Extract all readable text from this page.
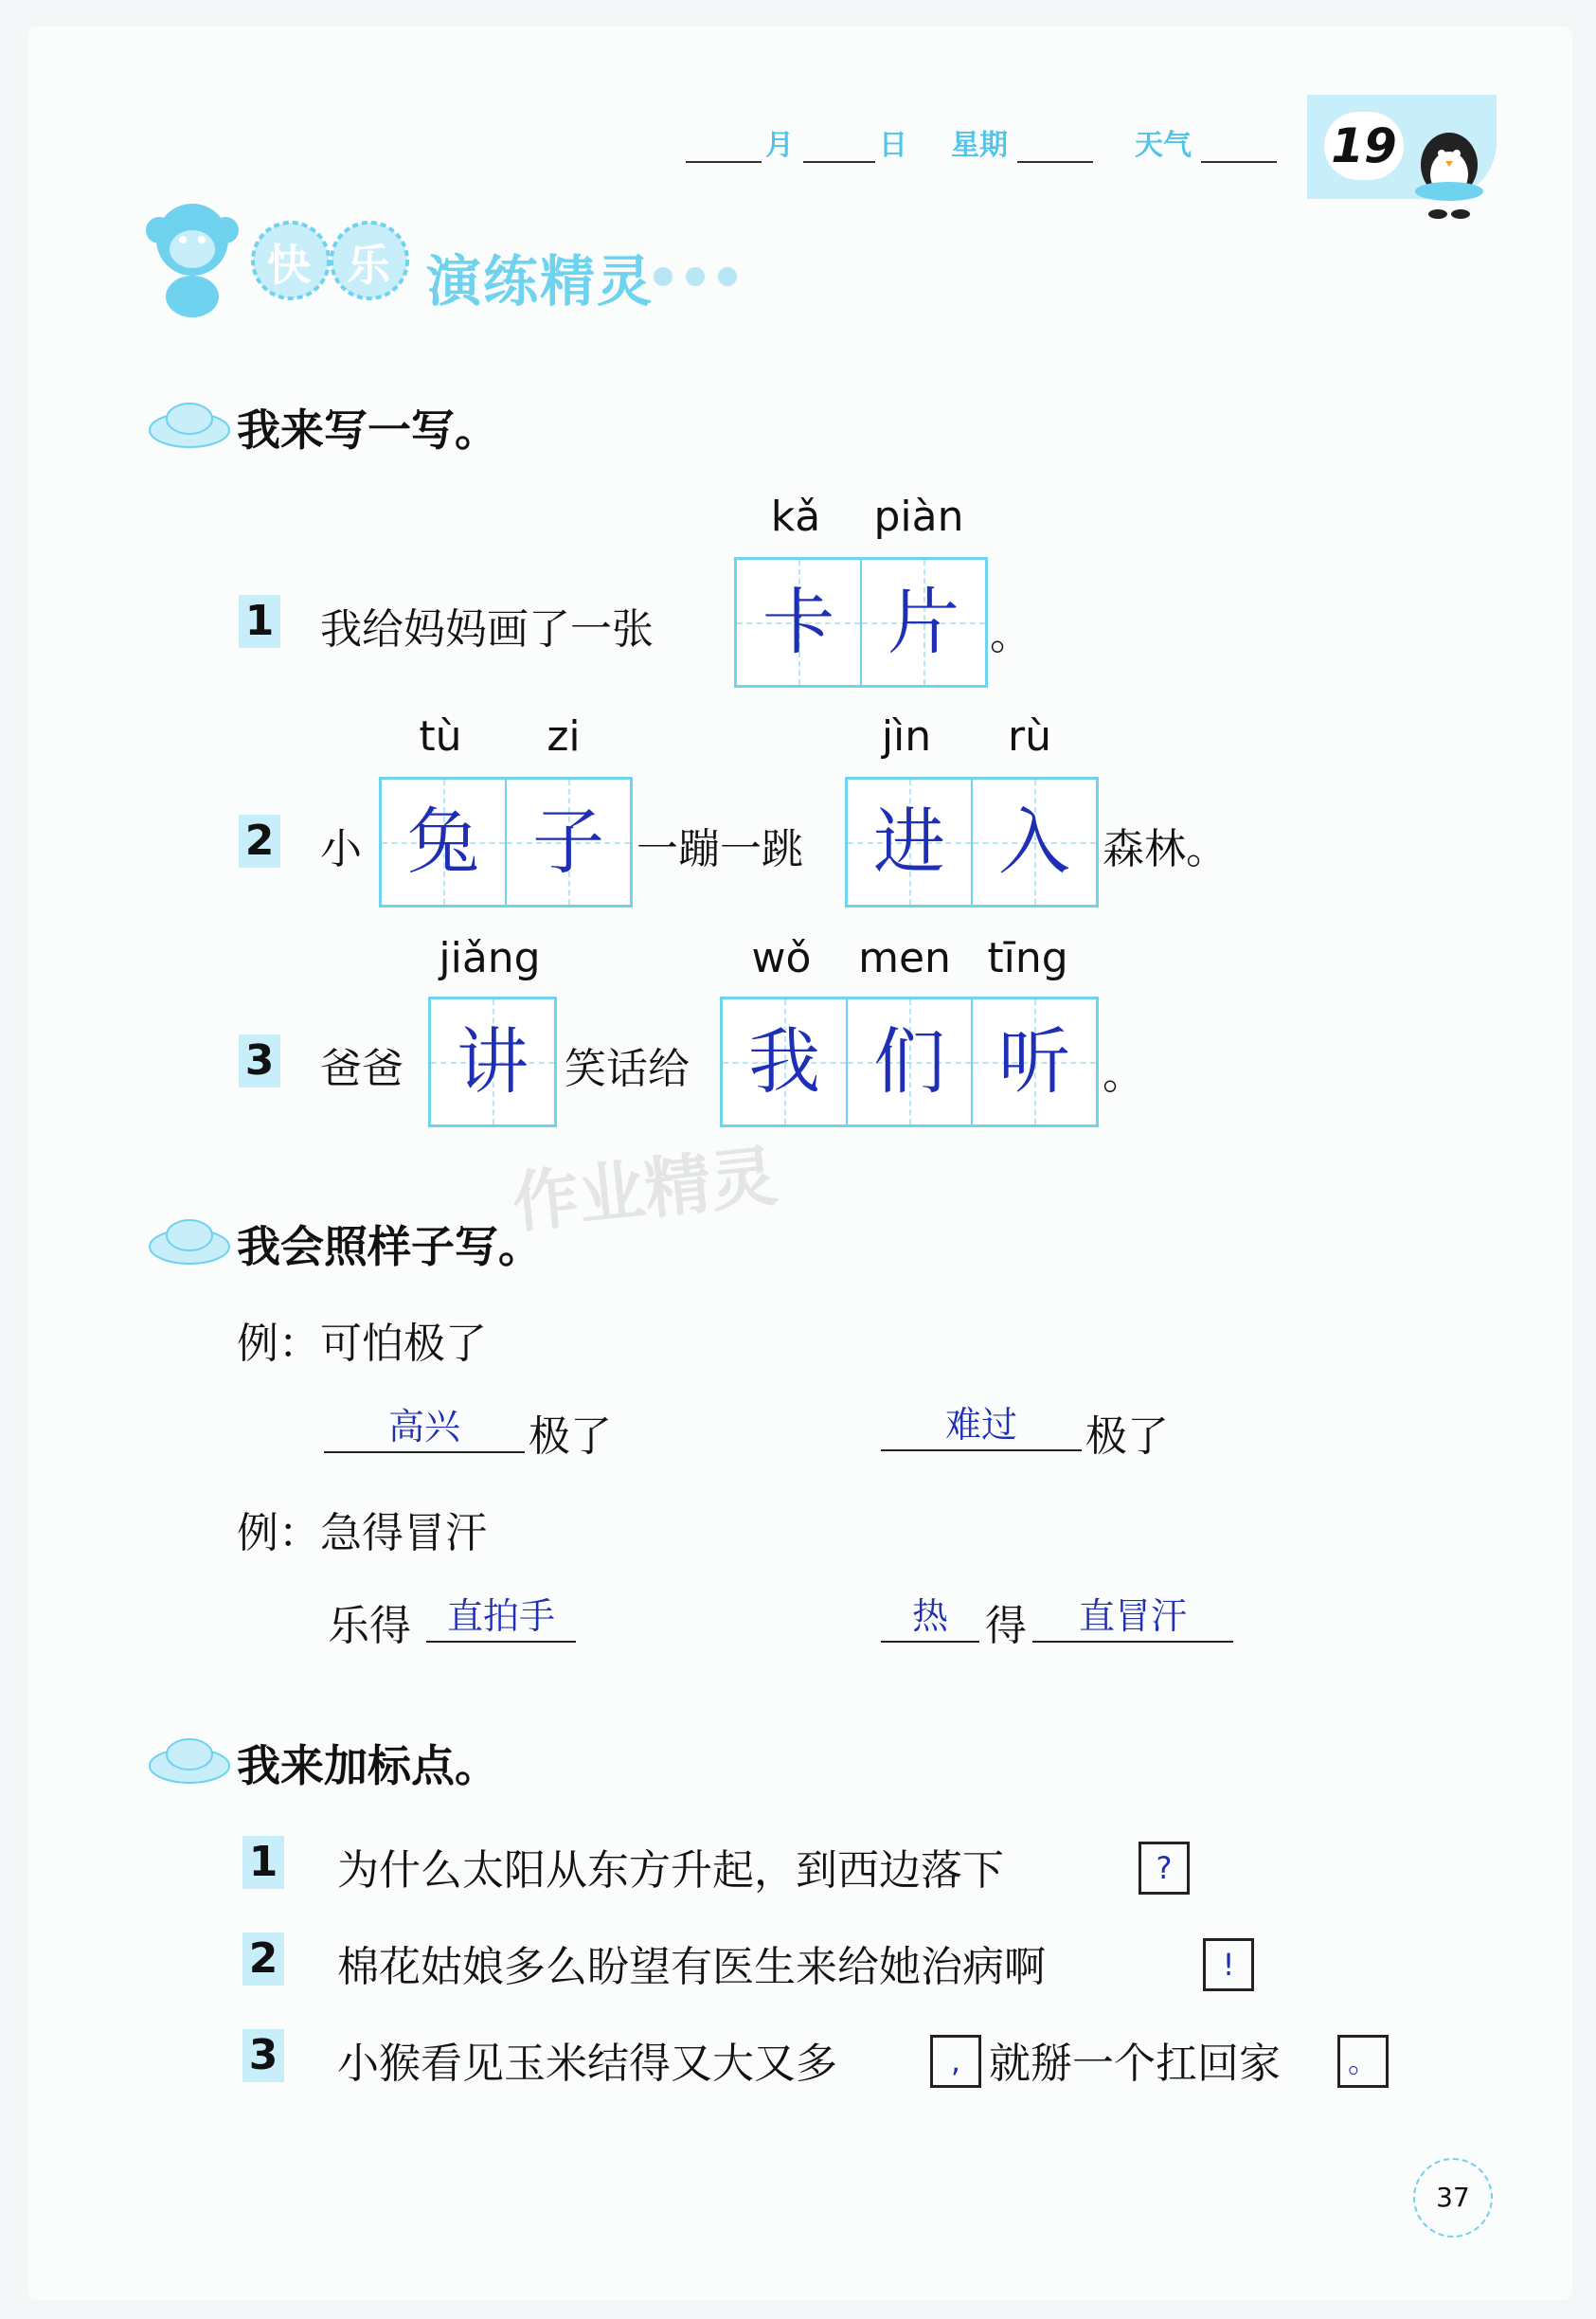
月	日 星期	天气	19
快 乐 演练精灵
我来写一写。
1 我给妈妈画了一张
kǎ	piàn
卡 片 。
2 小
tù	zi
兔 子 一蹦一跳
jìn	rù
进 入 森林。
3 爸爸
jiǎng
讲 笑话给
wǒ	men tīng
我 们 听 。
作业精灵
我会照样子写。
例：可怕极了
高兴	极了	难过	极了
例：急得冒汗
乐得 直拍手	热 得	直冒汗
我来加标点。
1 为什么太阳从东方升起，到西边落下	?
2 棉花姑娘多么盼望有医生来给她治病啊	!
3 小猴看见玉米结得又大又多	, 就掰一个扛回家	。
37
